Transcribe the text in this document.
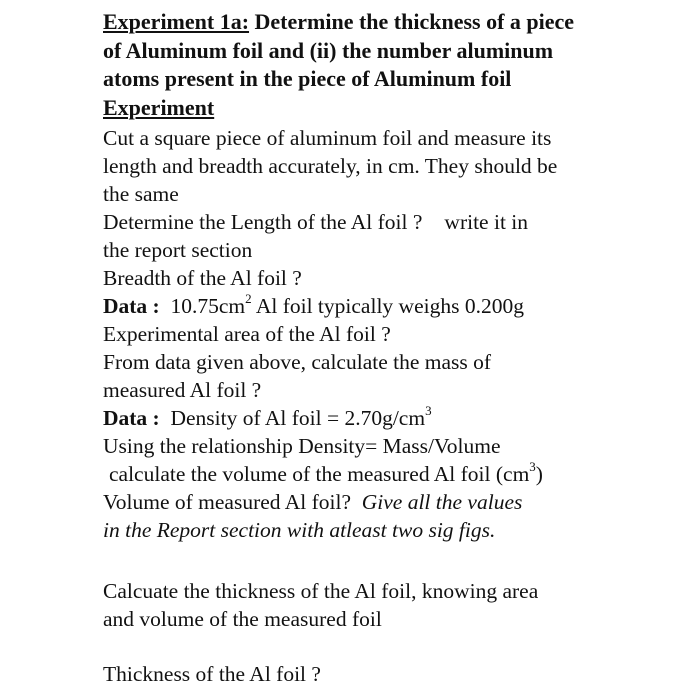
Experiment 1a: Determine the thickness of a piece
of Aluminum foil and (ii) the number aluminum
atoms present in the piece of Aluminum foil
Experiment
Cut a square piece of aluminum foil and measure its
length and breadth accurately, in cm. They should be
the same
Determine the Length of the Al foil ? write it in
the report section
Breadth of the Al foil ?
Data : $10.75cm^2$ Al foil typically weighs 0.200g
Experimental area of the Al foil ?
From data given above, calculate the mass of
measured Al foil ?
Data : Density of Al foil = $2.70g/cm^3$
Using the relationship Density= Mass/Volume
calculate the volume of the measured Al foil $(cm^3)$
Volume of measured Al foil? Give all the values
in the Report section with atleast two sig figs.
Calcuate the thickness of the Al foil, knowing area
and volume of the measured foil
Thickness of the Al foil ?
